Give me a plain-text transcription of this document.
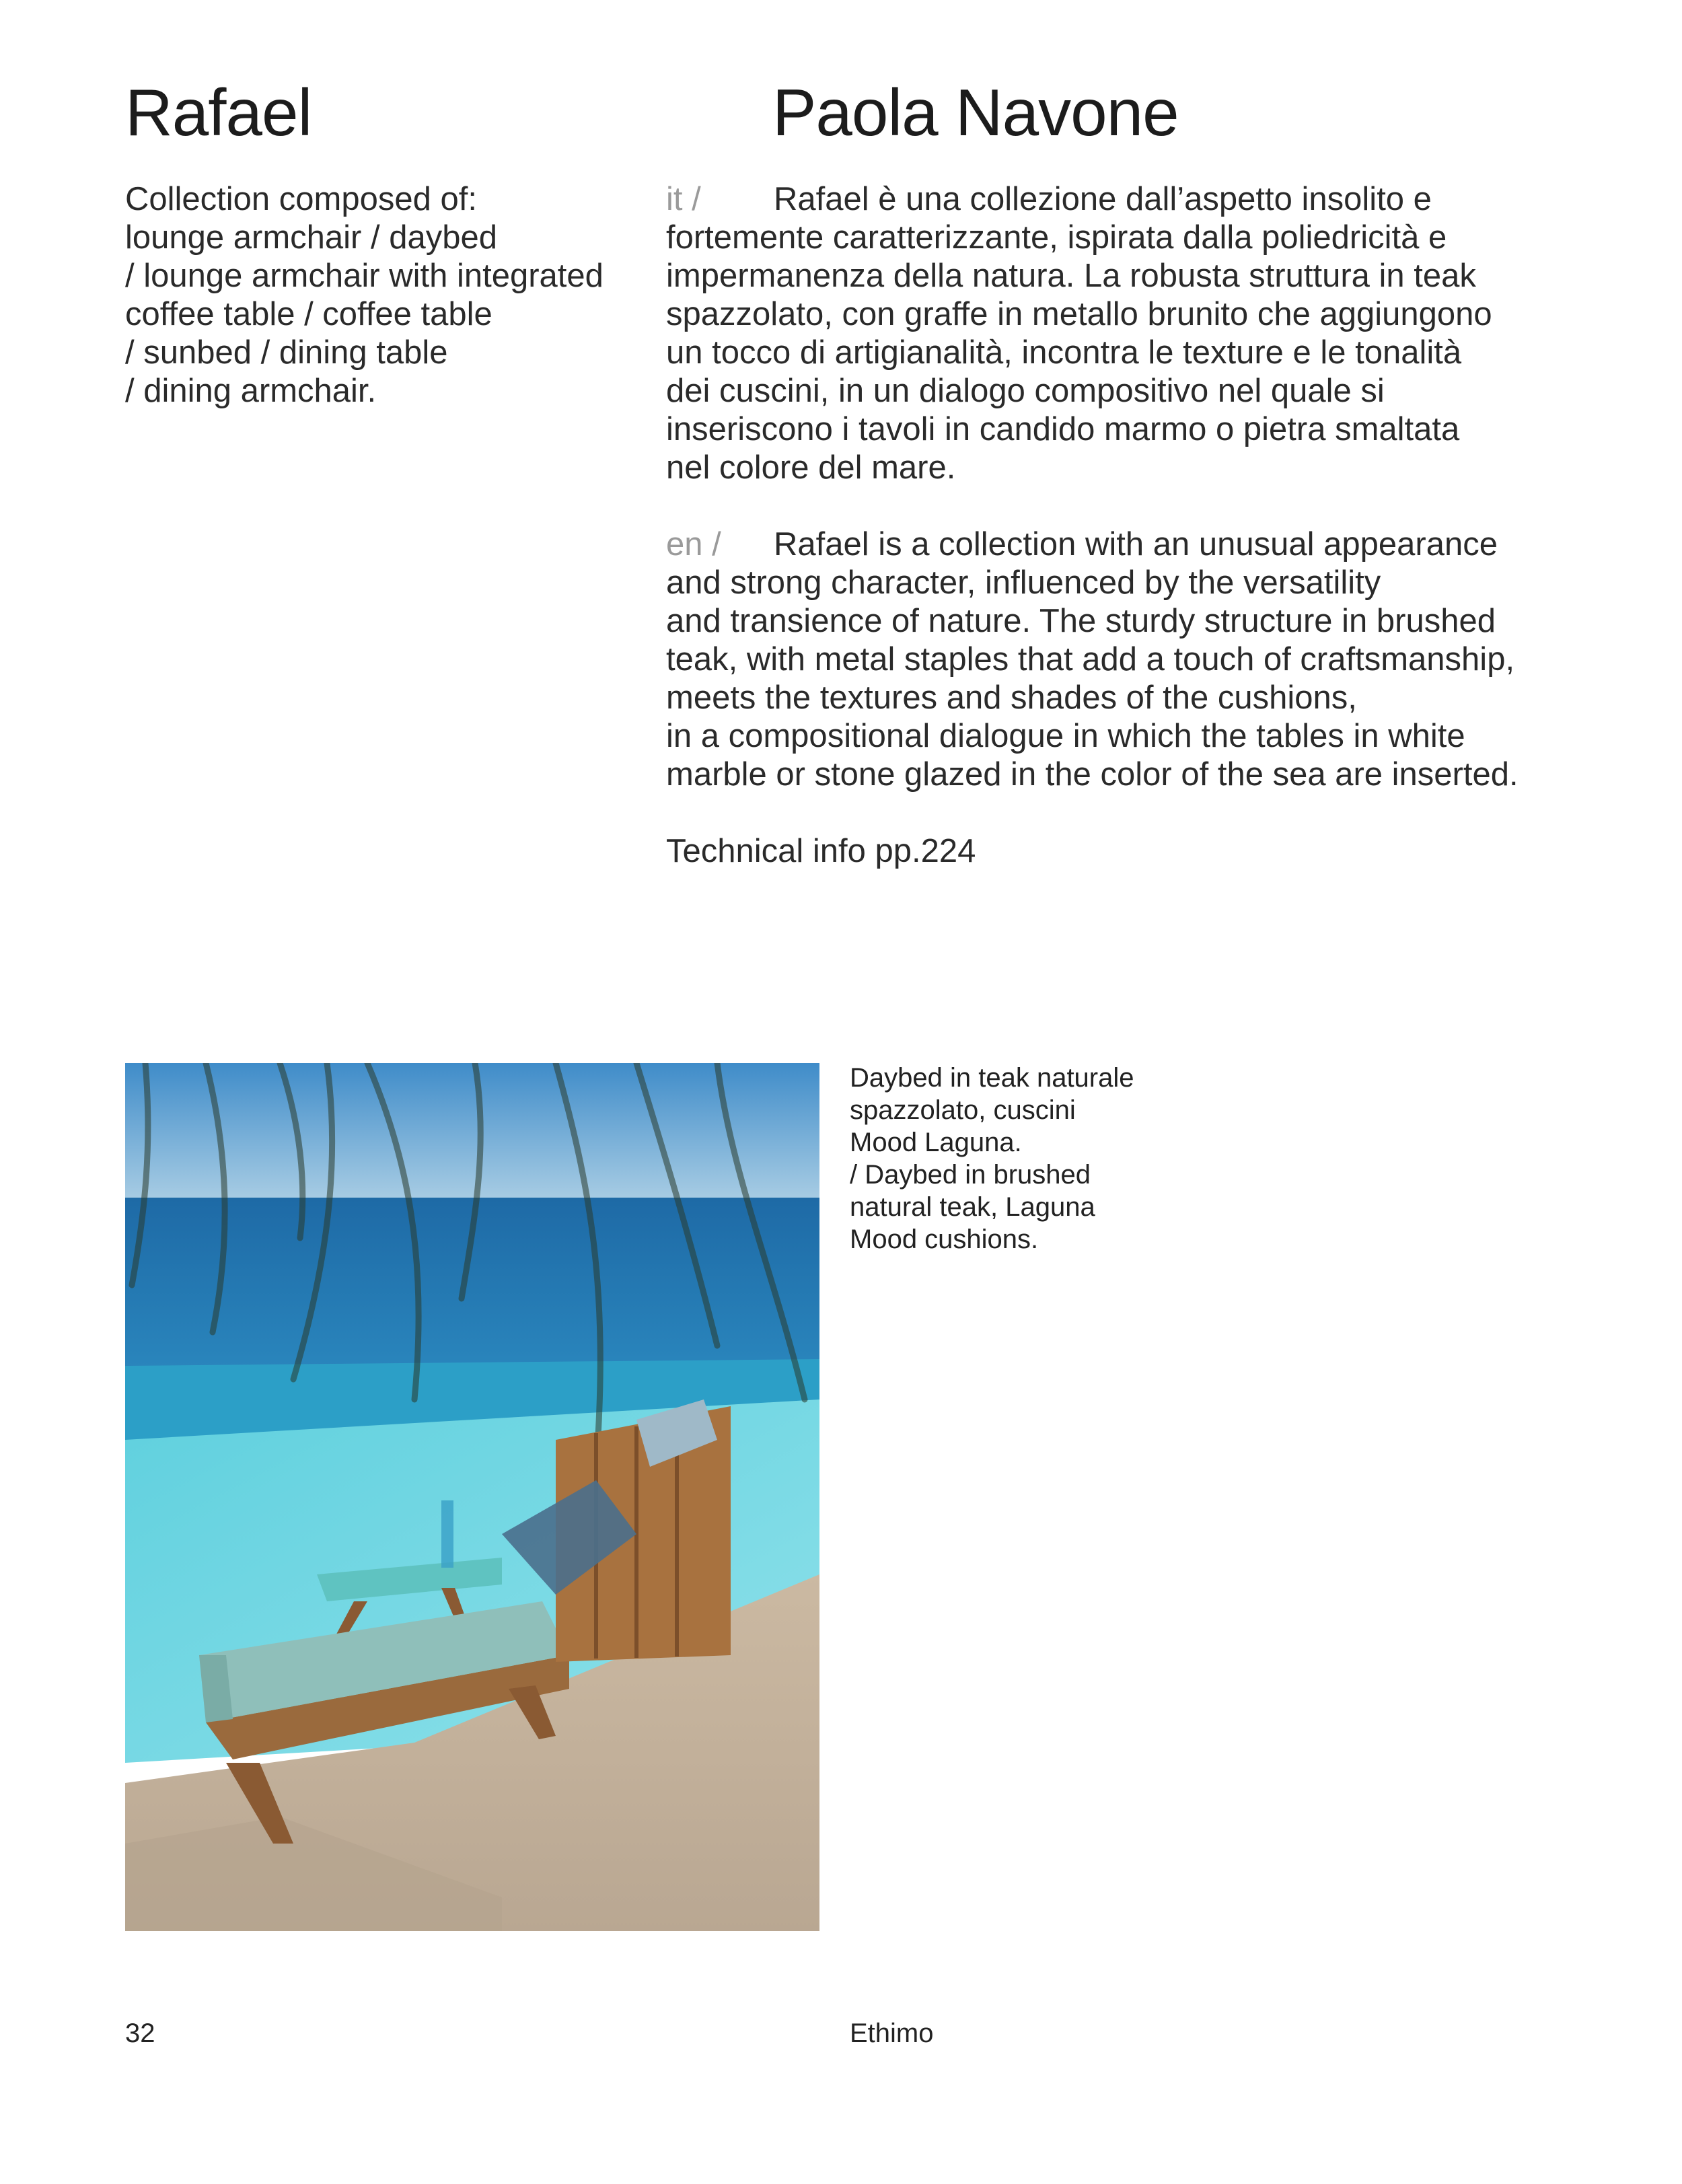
Rafael	Paola Navone
Collection composed of:
lounge armchair / daybed
/ lounge armchair with integrated
coffee table / coffee table
/ sunbed / dining table
/ dining armchair.
it / Rafael è una collezione dall’aspetto insolito e
fortemente caratterizzante, ispirata dalla poliedricità e
impermanenza della natura. La robusta struttura in teak
spazzolato, con graffe in metallo brunito che aggiungono
un tocco di artigianalità, incontra le texture e le tonalità
dei cuscini, in un dialogo compositivo nel quale si
inseriscono i tavoli in candido marmo o pietra smaltata
nel colore del mare.
en / Rafael is a collection with an unusual appearance
and strong character, influenced by the versatility
and transience of nature. The sturdy structure in brushed
teak, with metal staples that add a touch of craftsmanship,
meets the textures and shades of the cushions,
in a compositional dialogue in which the tables in white
marble or stone glazed in the color of the sea are inserted.
Technical info pp.224
Daybed in teak naturale
spazzolato, cuscini
Mood Laguna.
/ Daybed in brushed
natural teak, Laguna
Mood cushions.
32	Ethimo
